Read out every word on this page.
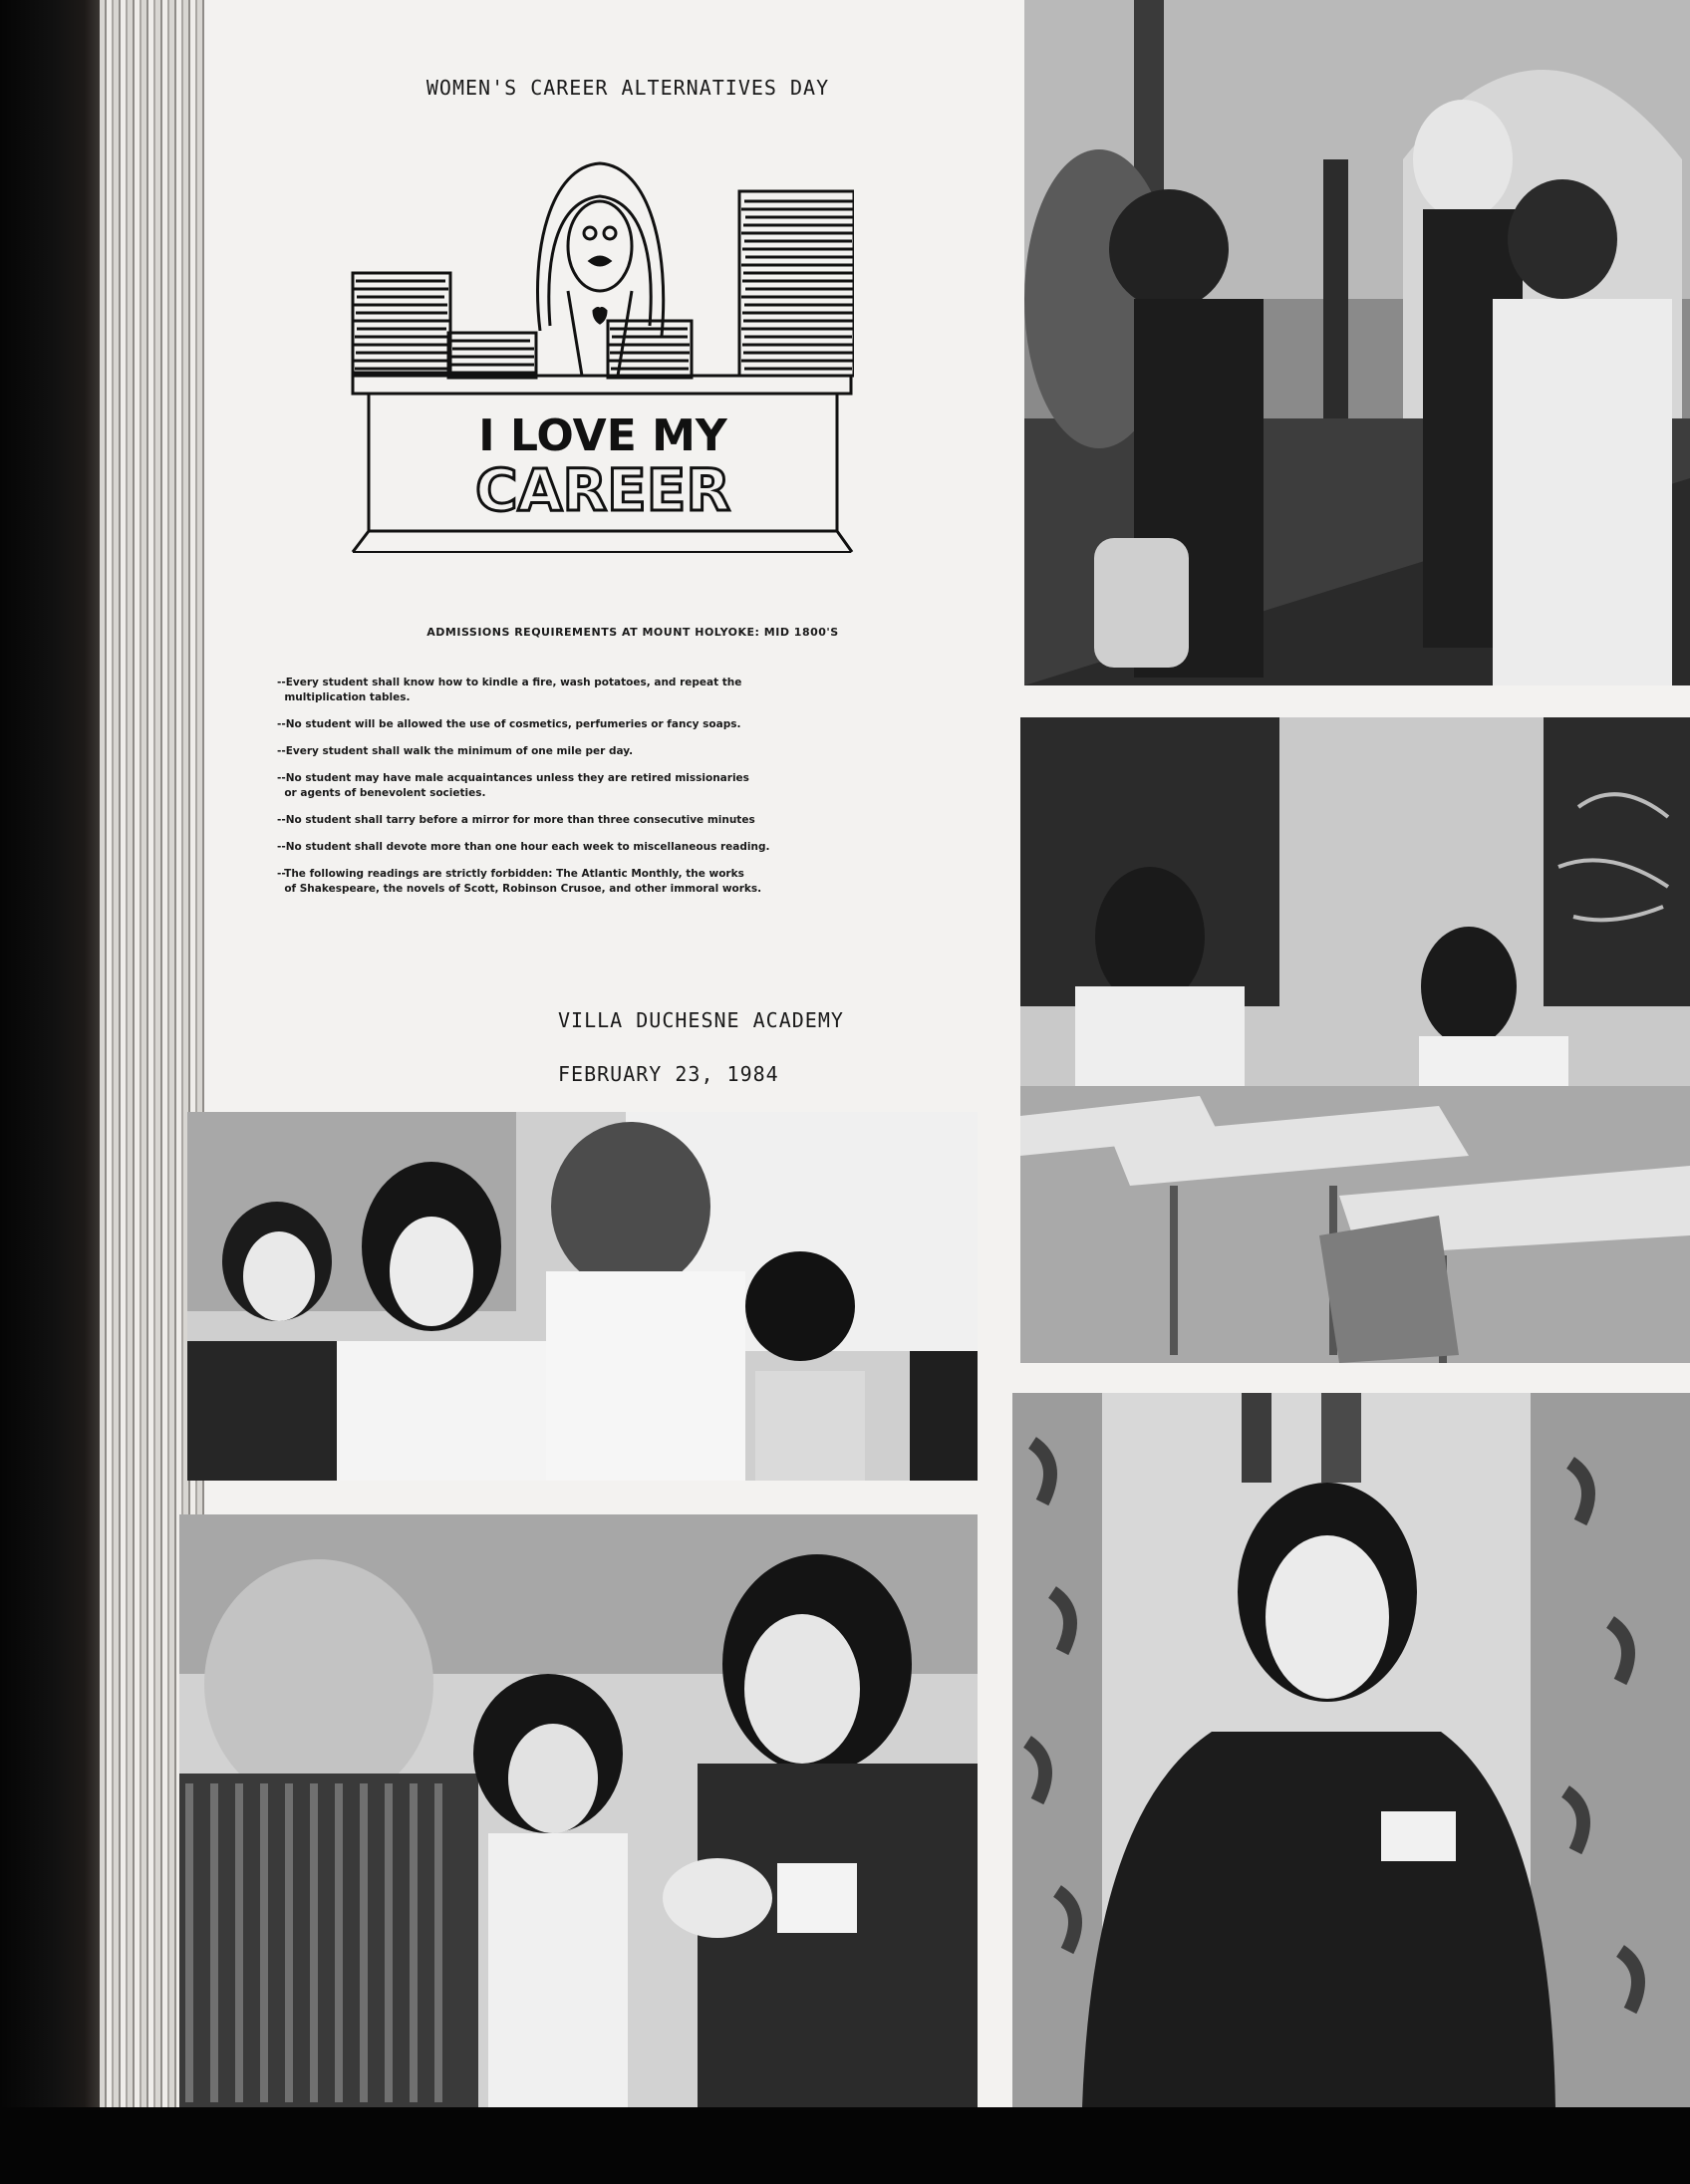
WOMEN'S CAREER ALTERNATIVES DAY
I LOVE MY
CAREER
ADMISSIONS REQUIREMENTS AT MOUNT HOLYOKE: MID 1800'S
--Every student shall know how to kindle a fire, wash potatoes, and repeat the
multiplication tables.
--No student will be allowed the use of cosmetics, perfumeries or fancy soaps.
--Every student shall walk the minimum of one mile per day.
--No student may have male acquaintances unless they are retired missionaries
or agents of benevolent societies.
--No student shall tarry before a mirror for more than three consecutive minutes
--No student shall devote more than one hour each week to miscellaneous reading.
--The following readings are strictly forbidden: The Atlantic Monthly, the works
of Shakespeare, the novels of Scott, Robinson Crusoe, and other immoral works.
VILLA DUCHESNE ACADEMY
FEBRUARY 23, 1984
